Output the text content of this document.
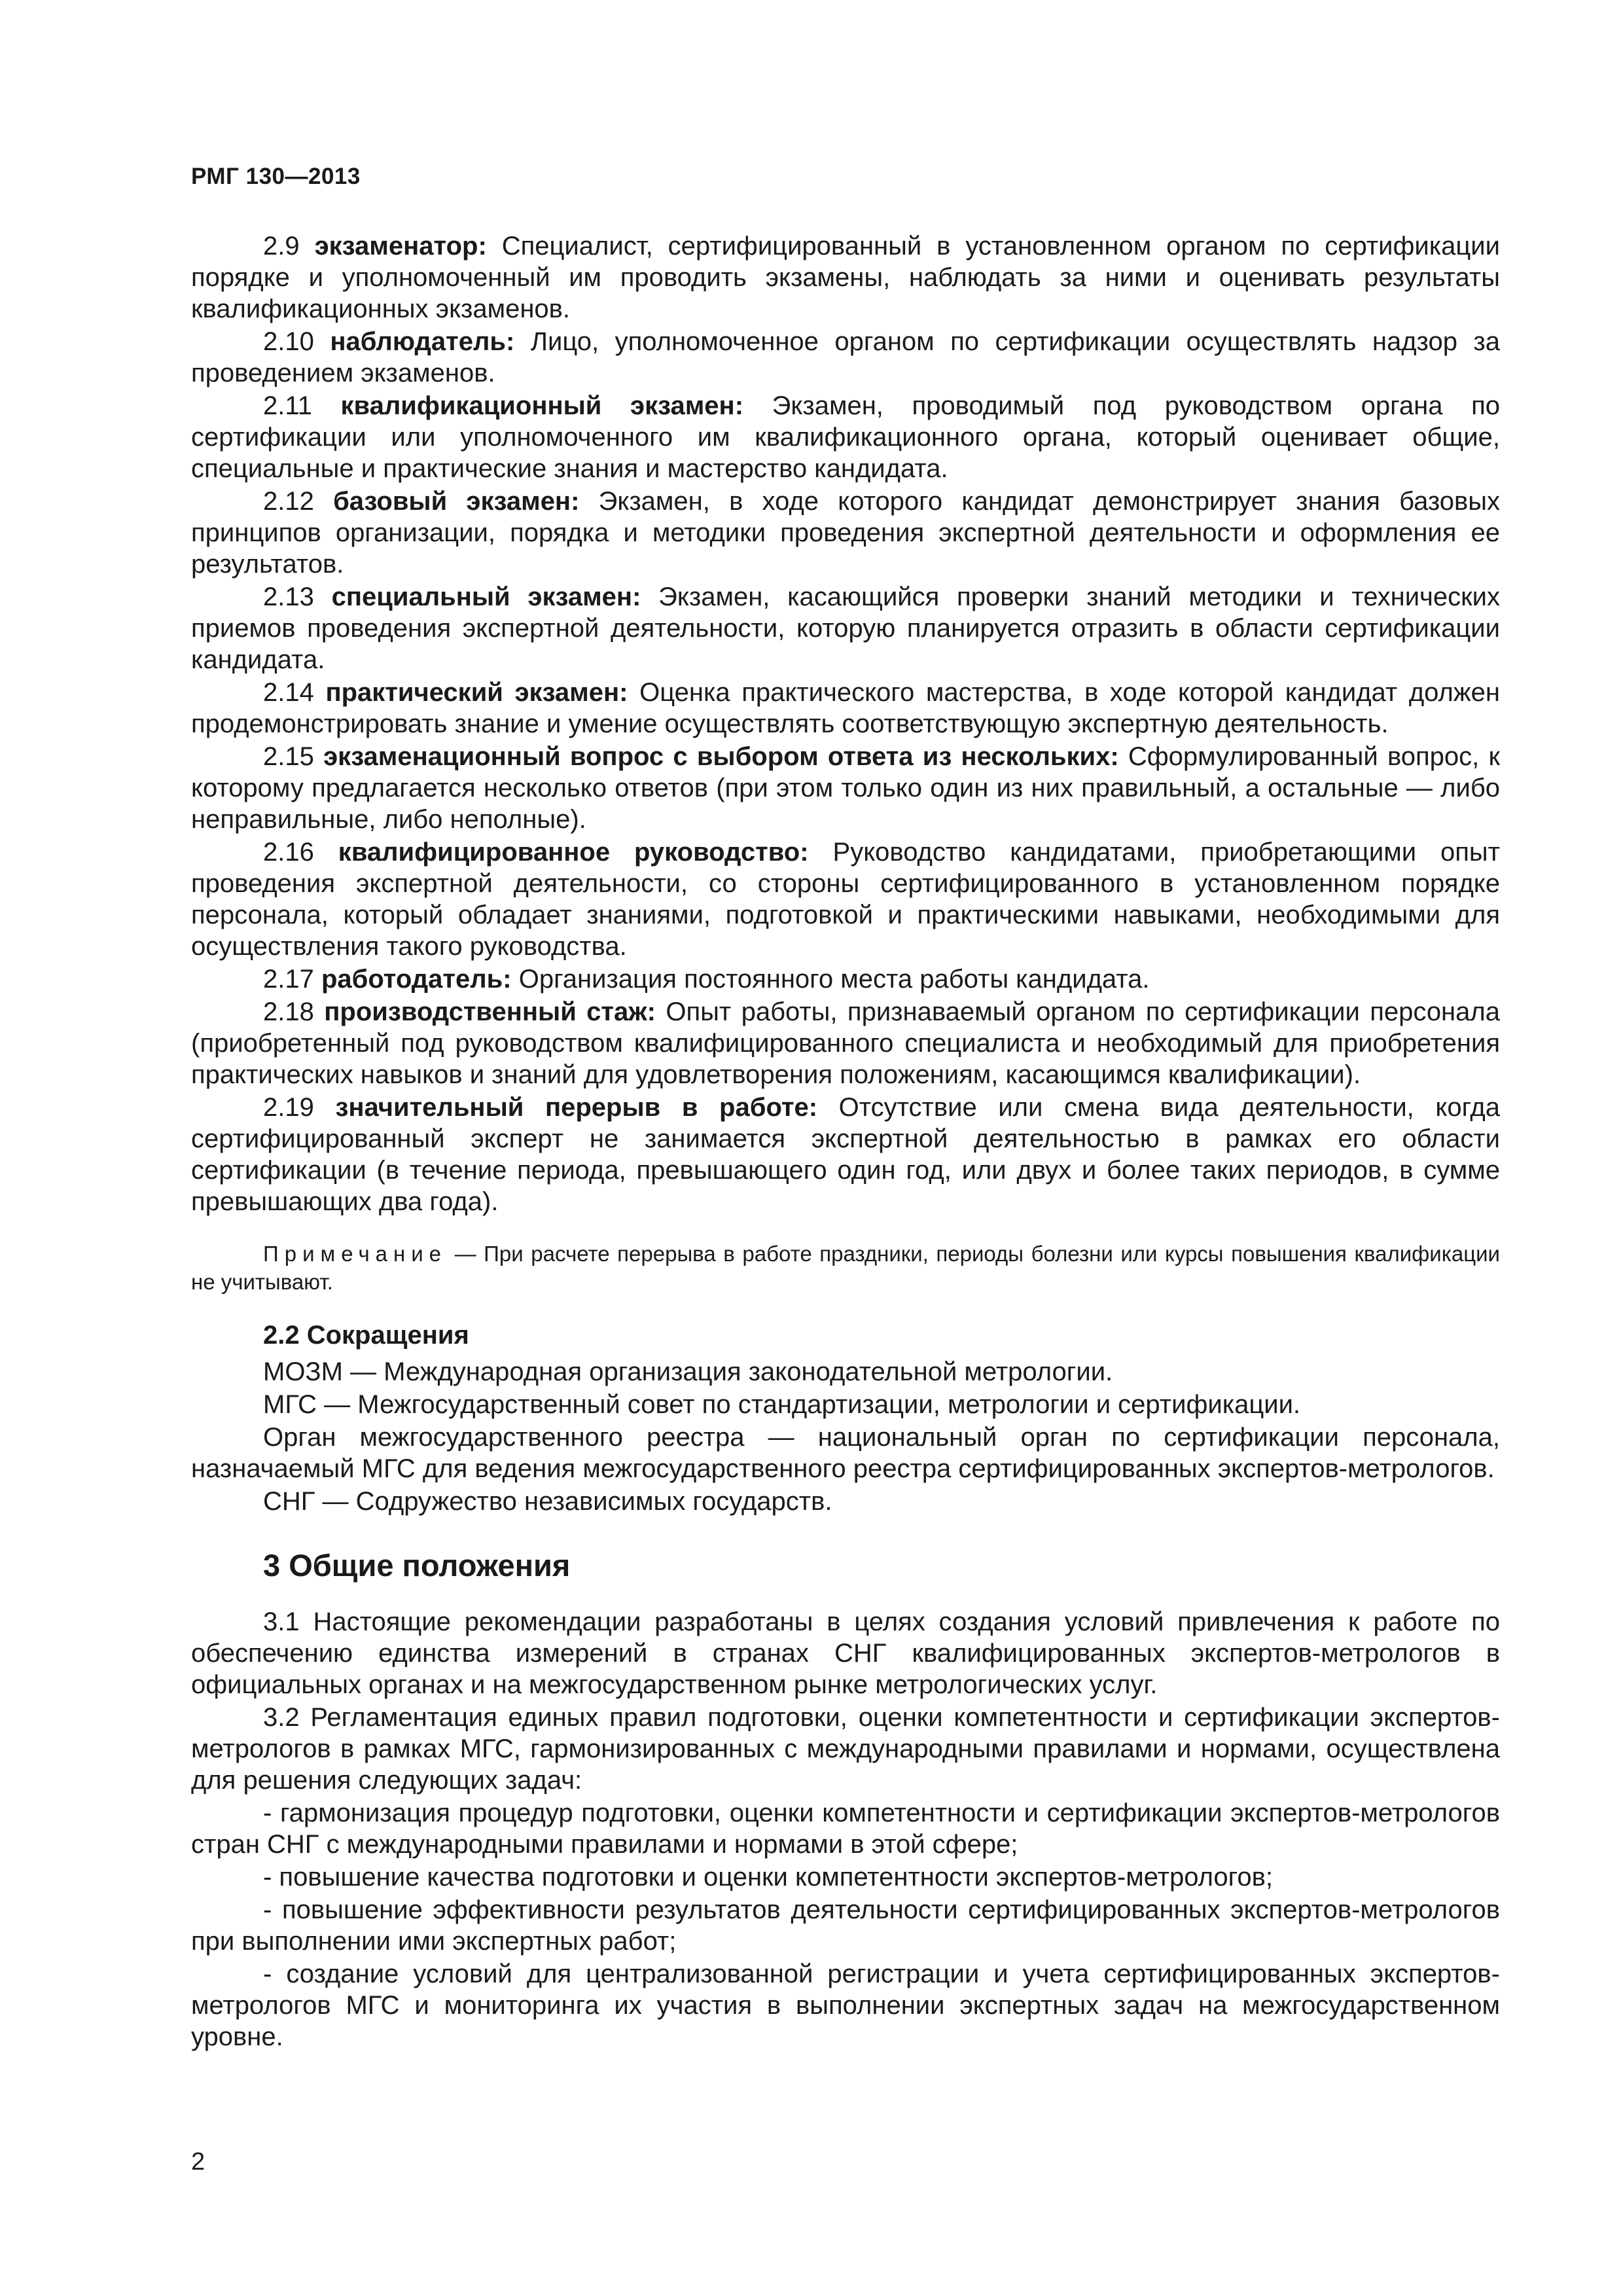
РМГ 130—2013

2.9 экзаменатор: Специалист, сертифицированный в установленном органом по сертификации порядке и уполномоченный им проводить экзамены, наблюдать за ними и оценивать результаты квалификационных экзаменов.

2.10 наблюдатель: Лицо, уполномоченное органом по сертификации осуществлять надзор за проведением экзаменов.

2.11 квалификационный экзамен: Экзамен, проводимый под руководством органа по сертификации или уполномоченного им квалификационного органа, который оценивает общие, специальные и практические знания и мастерство кандидата.

2.12 базовый экзамен: Экзамен, в ходе которого кандидат демонстрирует знания базовых принципов организации, порядка и методики проведения экспертной деятельности и оформления ее результатов.

2.13 специальный экзамен: Экзамен, касающийся проверки знаний методики и технических приемов проведения экспертной деятельности, которую планируется отразить в области сертификации кандидата.

2.14 практический экзамен: Оценка практического мастерства, в ходе которой кандидат должен продемонстрировать знание и умение осуществлять соответствующую экспертную деятельность.

2.15 экзаменационный вопрос с выбором ответа из нескольких: Сформулированный вопрос, к которому предлагается несколько ответов (при этом только один из них правильный, а остальные — либо неправильные, либо неполные).

2.16 квалифицированное руководство: Руководство кандидатами, приобретающими опыт проведения экспертной деятельности, со стороны сертифицированного в установленном порядке персонала, который обладает знаниями, подготовкой и практическими навыками, необходимыми для осуществления такого руководства.

2.17 работодатель: Организация постоянного места работы кандидата.

2.18 производственный стаж: Опыт работы, признаваемый органом по сертификации персонала (приобретенный под руководством квалифицированного специалиста и необходимый для приобретения практических навыков и знаний для удовлетворения положениям, касающимся квалификации).

2.19 значительный перерыв в работе: Отсутствие или смена вида деятельности, когда сертифицированный эксперт не занимается экспертной деятельностью в рамках его области сертификации (в течение периода, превышающего один год, или двух и более таких периодов, в сумме превышающих два года).

Примечание — При расчете перерыва в работе праздники, периоды болезни или курсы повышения квалификации не учитывают.

2.2 Сокращения

МОЗМ — Международная организация законодательной метрологии.

МГС — Межгосударственный совет по стандартизации, метрологии и сертификации.

Орган межгосударственного реестра — национальный орган по сертификации персонала, назначаемый МГС для ведения межгосударственного реестра сертифицированных экспертов-метрологов.

СНГ — Содружество независимых государств.

3 Общие положения

3.1 Настоящие рекомендации разработаны в целях создания условий привлечения к работе по обеспечению единства измерений в странах СНГ квалифицированных экспертов-метрологов в официальных органах и на межгосударственном рынке метрологических услуг.

3.2 Регламентация единых правил подготовки, оценки компетентности и сертификации экспертов-метрологов в рамках МГС, гармонизированных с международными правилами и нормами, осуществлена для решения следующих задач:

- гармонизация процедур подготовки, оценки компетентности и сертификации экспертов-метрологов стран СНГ с международными правилами и нормами в этой сфере;

- повышение качества подготовки и оценки компетентности экспертов-метрологов;

- повышение эффективности результатов деятельности сертифицированных экспертов-метрологов при выполнении ими экспертных работ;

- создание условий для централизованной регистрации и учета сертифицированных экспертов-метрологов МГС и мониторинга их участия в выполнении экспертных задач на межгосударственном уровне.

2
